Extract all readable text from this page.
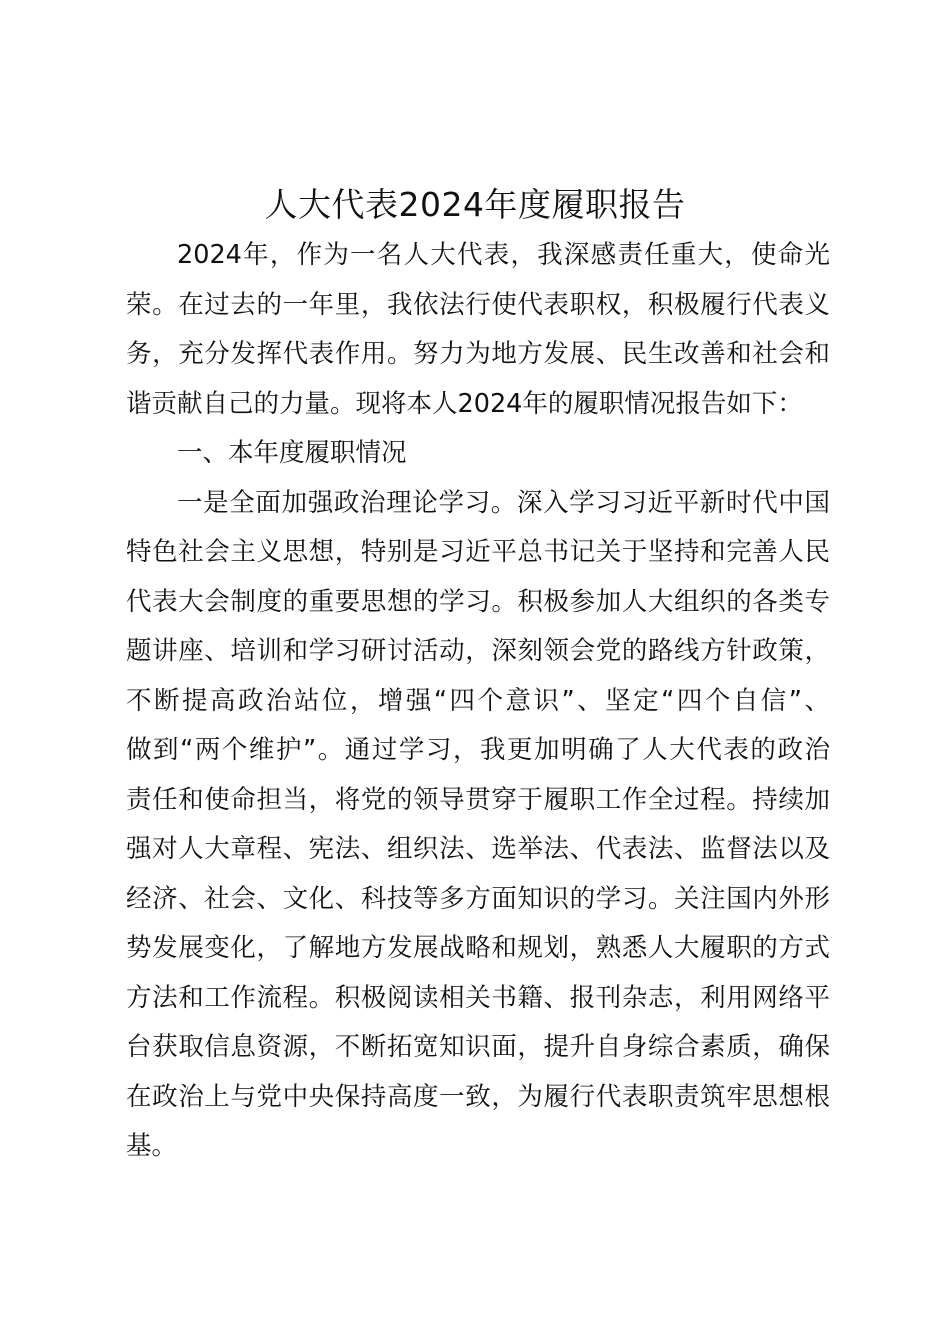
人大代表2024年度履职报告
2024年，作为一名人大代表，我深感责任重大，使命光
荣。在过去的一年里，我依法行使代表职权，积极履行代表义
务，充分发挥代表作用。努力为地方发展、民生改善和社会和
谐贡献自己的力量。现将本人2024年的履职情况报告如下：
一、本年度履职情况
一是全面加强政治理论学习。深入学习习近平新时代中国
特色社会主义思想，特别是习近平总书记关于坚持和完善人民
代表大会制度的重要思想的学习。积极参加人大组织的各类专
题讲座、培训和学习研讨活动，深刻领会党的路线方针政策，
不断提高政治站位，增强“四个意识”、坚定“四个自信”、
做到“两个维护”。通过学习，我更加明确了人大代表的政治
责任和使命担当，将党的领导贯穿于履职工作全过程。持续加
强对人大章程、宪法、组织法、选举法、代表法、监督法以及
经济、社会、文化、科技等多方面知识的学习。关注国内外形
势发展变化，了解地方发展战略和规划，熟悉人大履职的方式
方法和工作流程。积极阅读相关书籍、报刊杂志，利用网络平
台获取信息资源，不断拓宽知识面，提升自身综合素质，确保
在政治上与党中央保持高度一致，为履行代表职责筑牢思想根
基。
